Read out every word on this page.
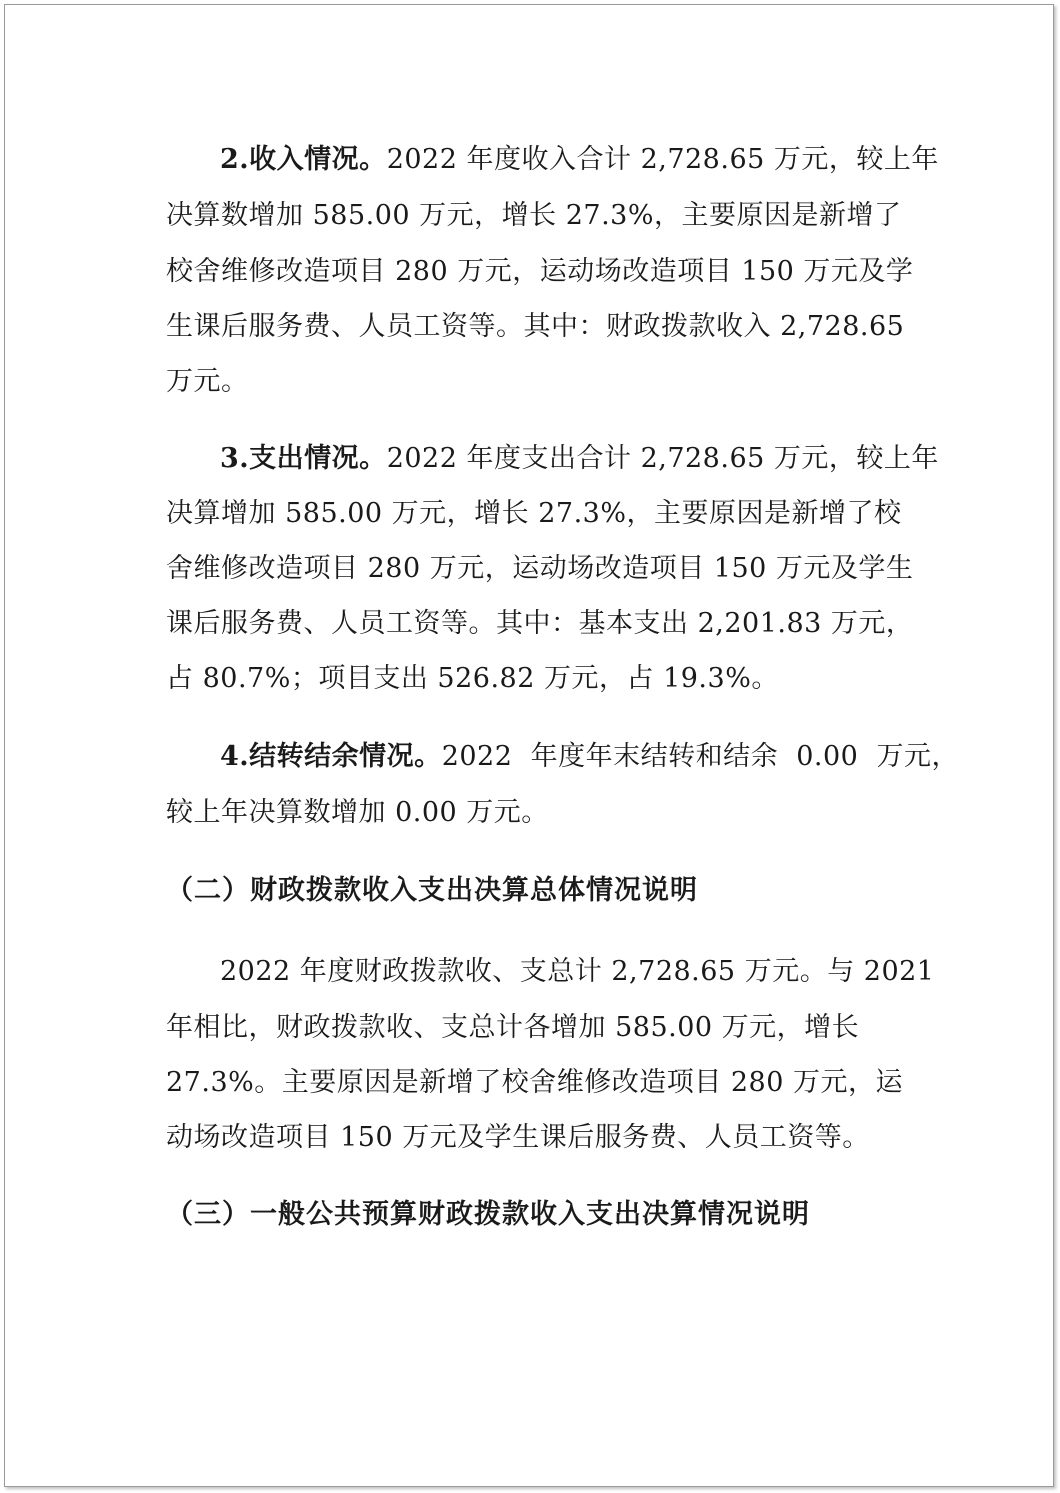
2.收入情况。2022 年度收入合计 2,728.65 万元，较上年
决算数增加 585.00 万元，增长 27.3%，主要原因是新增了
校舍维修改造项目 280 万元，运动场改造项目 150 万元及学
生课后服务费、人员工资等。其中：财政拨款收入 2,728.65
万元。
3.支出情况。2022 年度支出合计 2,728.65 万元，较上年
决算增加 585.00 万元，增长 27.3%，主要原因是新增了校
舍维修改造项目 280 万元，运动场改造项目 150 万元及学生
课后服务费、人员工资等。其中：基本支出 2,201.83 万元，
占 80.7%；项目支出 526.82 万元，占 19.3%。
4.结转结余情况。2022  年度年末结转和结余  0.00  万元，
较上年决算数增加 0.00 万元。
（二）财政拨款收入支出决算总体情况说明
2022 年度财政拨款收、支总计 2,728.65 万元。与 2021
年相比，财政拨款收、支总计各增加 585.00 万元，增长
27.3%。主要原因是新增了校舍维修改造项目 280 万元，运
动场改造项目 150 万元及学生课后服务费、人员工资等。
（三）一般公共预算财政拨款收入支出决算情况说明
